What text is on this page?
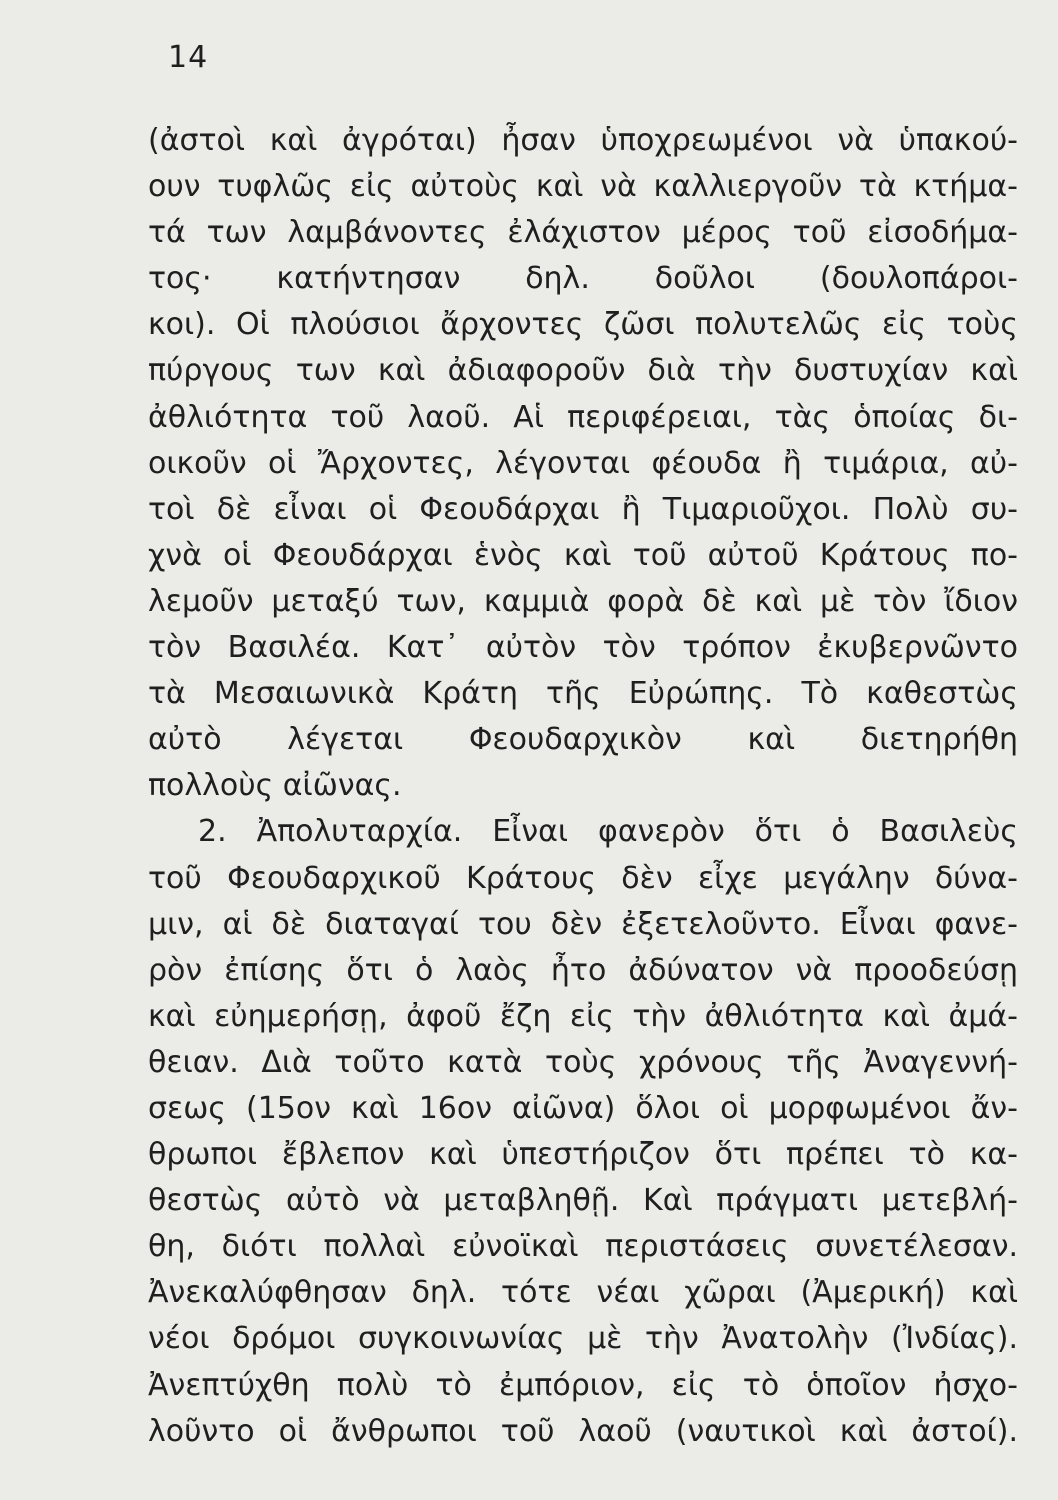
14
(ἀστοὶ καὶ ἀγρόται) ἦσαν ὑποχρεωμένοι νὰ ὑπακού-
ουν τυφλῶς εἰς αὐτοὺς καὶ νὰ καλλιεργοῦν τὰ κτήμα-
τά των λαμβάνοντες ἐλάχιστον μέρος τοῦ εἰσοδήμα-
τος· κατήντησαν δηλ. δοῦλοι (δουλοπάροι-
κοι). Οἱ πλούσιοι ἄρχοντες ζῶσι πολυτελῶς εἰς τοὺς
πύργους των καὶ ἀδιαφοροῦν διὰ τὴν δυστυχίαν καὶ
ἀθλιότητα τοῦ λαοῦ. Αἱ περιφέρειαι, τὰς ὁποίας δι-
οικοῦν οἱ Ἄρχοντες, λέγονται φέουδα ἢ τιμάρια, αὐ-
τοὶ δὲ εἶναι οἱ Φεουδάρχαι ἢ Τιμαριοῦχοι. Πολὺ συ-
χνὰ οἱ Φεουδάρχαι ἑνὸς καὶ τοῦ αὐτοῦ Κράτους πο-
λεμοῦν μεταξύ των, καμμιὰ φορὰ δὲ καὶ μὲ τὸν ἴδιον
τὸν Βασιλέα. Κατ᾽ αὐτὸν τὸν τρόπον ἐκυβερνῶντο
τὰ Μεσαιωνικὰ Κράτη τῆς Εὐρώπης. Τὸ καθεστὼς
αὐτὸ λέγεται Φεουδαρχικὸν καὶ διετηρήθη
πολλοὺς αἰῶνας.
2. Ἀπολυταρχία. Εἶναι φανερὸν ὅτι ὁ Βασιλεὺς
τοῦ Φεουδαρχικοῦ Κράτους δὲν εἶχε μεγάλην δύνα-
μιν, αἱ δὲ διαταγαί του δὲν ἐξετελοῦντο. Εἶναι φανε-
ρὸν ἐπίσης ὅτι ὁ λαὸς ἦτο ἀδύνατον νὰ προοδεύσῃ
καὶ εὐημερήσῃ, ἀφοῦ ἔζη εἰς τὴν ἀθλιότητα καὶ ἀμά-
θειαν. Διὰ τοῦτο κατὰ τοὺς χρόνους τῆς Ἀναγεννή-
σεως (15ον καὶ 16ον αἰῶνα) ὅλοι οἱ μορφωμένοι ἄν-
θρωποι ἔβλεπον καὶ ὑπεστήριζον ὅτι πρέπει τὸ κα-
θεστὼς αὐτὸ νὰ μεταβληθῇ. Καὶ πράγματι μετεβλή-
θη, διότι πολλαὶ εὐνοϊκαὶ περιστάσεις συνετέλεσαν.
Ἀνεκαλύφθησαν δηλ. τότε νέαι χῶραι (Ἀμερική) καὶ
νέοι δρόμοι συγκοινωνίας μὲ τὴν Ἀνατολὴν (Ἰνδίας).
Ἀνεπτύχθη πολὺ τὸ ἐμπόριον, εἰς τὸ ὁποῖον ἠσχο-
λοῦντο οἱ ἄνθρωποι τοῦ λαοῦ (ναυτικοὶ καὶ ἀστοί).
